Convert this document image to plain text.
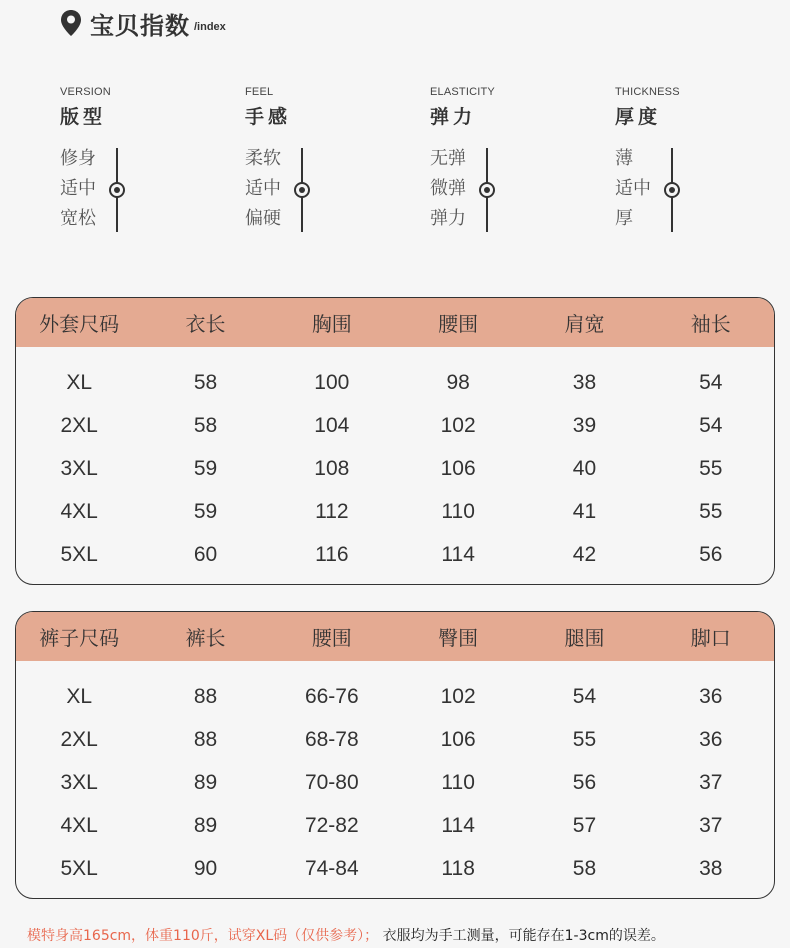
宝贝指数 /index
VERSION
版型
修身
适中
宽松
FEEL
手感
柔软
适中
偏硬
ELASTICITY
弹力
无弹
微弹
弹力
THICKNESS
厚度
薄
适中
厚
外套尺码	衣长	胸围	腰围	肩宽	袖长
XL	58	100	98	38	54
2XL	58	104	102	39	54
3XL	59	108	106	40	55
4XL	59	112	110	41	55
5XL	60	116	114	42	56
裤子尺码	裤长	腰围	臀围	腿围	脚口
XL	88	66-76	102	54	36
2XL	88	68-78	106	55	36
3XL	89	70-80	110	56	37
4XL	89	72-82	114	57	37
5XL	90	74-84	118	58	38
模特身高165cm，体重110斤，试穿XL码（仅供参考）； 衣服均为手工测量，可能存在1-3cm的误差。
